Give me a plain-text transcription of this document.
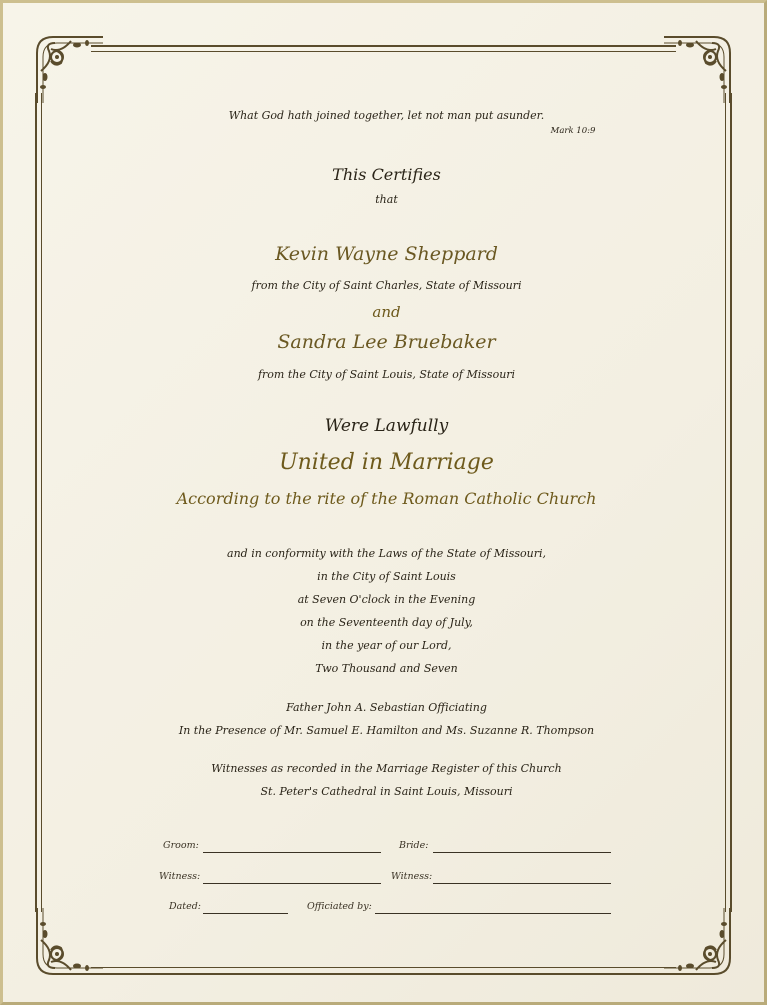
What God hath joined together, let not man put asunder.
Mark 10:9
This Certifies
that
Kevin Wayne Sheppard
from the City of Saint Charles, State of Missouri
and
Sandra Lee Bruebaker
from the City of Saint Louis, State of Missouri
Were Lawfully
United in Marriage
According to the rite of the Roman Catholic Church
and in conformity with the Laws of the State of Missouri,
in the City of Saint Louis
at Seven O'clock in the Evening
on the Seventeenth day of July,
in the year of our Lord,
Two Thousand and Seven
Father John A. Sebastian Officiating
In the Presence of Mr. Samuel E. Hamilton and Ms. Suzanne R. Thompson
Witnesses as recorded in the Marriage Register of this Church
St. Peter's Cathedral in Saint Louis, Missouri
Groom:	Bride:
Witness:	Witness:
Dated:	Officiated by:
